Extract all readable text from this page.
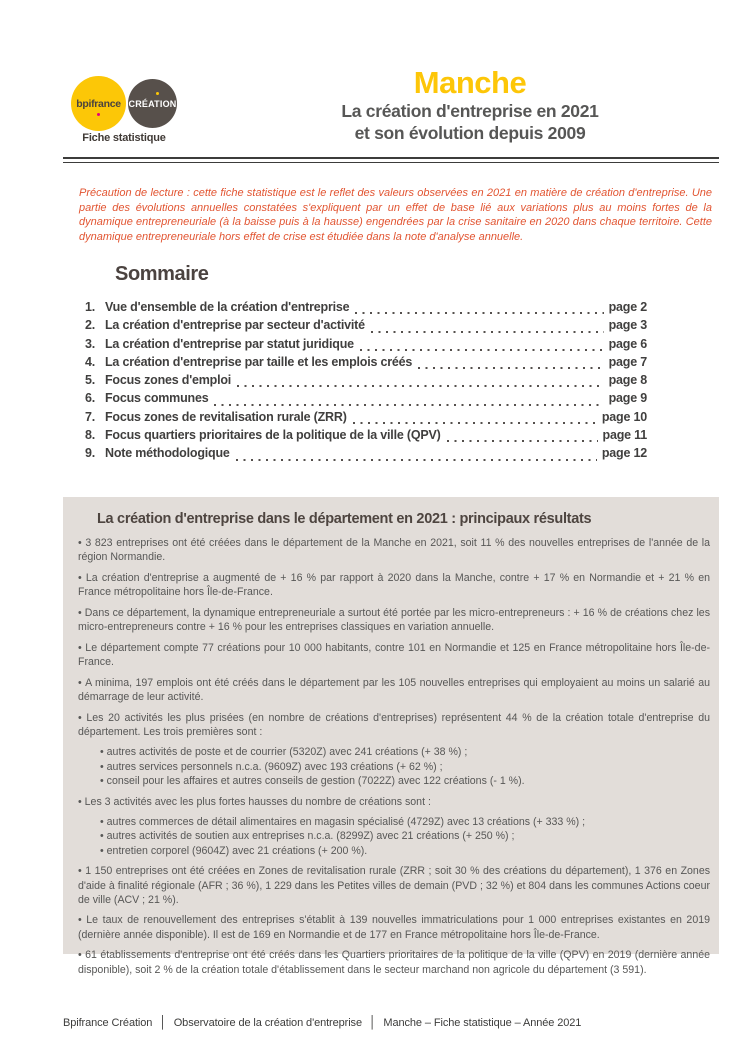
bpifrance CRÉATION
Fiche statistique
Manche
La création d'entreprise en 2021
et son évolution depuis 2009
Précaution de lecture : cette fiche statistique est le reflet des valeurs observées en 2021 en matière de création d'entreprise. Une partie des évolutions annuelles constatées s'expliquent par un effet de base lié aux variations plus au moins fortes de la dynamique entrepreneuriale (à la baisse puis à la hausse) engendrées par la crise sanitaire en 2020 dans chaque territoire. Cette dynamique entrepreneuriale hors effet de crise est étudiée dans la note d'analyse annuelle.
Sommaire
1. Vue d'ensemble de la création d'entreprise	page 2
2. La création d'entreprise par secteur d'activité	page 3
3. La création d'entreprise par statut juridique	page 6
4. La création d'entreprise par taille et les emplois créés	page 7
5. Focus zones d'emploi	page 8
6. Focus communes	page 9
7. Focus zones de revitalisation rurale (ZRR)	page 10
8. Focus quartiers prioritaires de la politique de la ville (QPV)	page 11
9. Note méthodologique	page 12
La création d'entreprise dans le département en 2021 : principaux résultats
• 3 823 entreprises ont été créées dans le département de la Manche en 2021, soit 11 % des nouvelles entreprises de l'année de la région Normandie.
• La création d'entreprise a augmenté de + 16 % par rapport à 2020 dans la Manche, contre + 17 % en Normandie et + 21 % en France métropolitaine hors Île-de-France.
• Dans ce département, la dynamique entrepreneuriale a surtout été portée par les micro-entrepreneurs : + 16 % de créations chez les micro-entrepreneurs contre + 16 % pour les entreprises classiques en variation annuelle.
• Le département compte 77 créations pour 10 000 habitants, contre 101 en Normandie et 125 en France métropolitaine hors Île-de-France.
• A minima, 197 emplois ont été créés dans le département par les 105 nouvelles entreprises qui employaient au moins un salarié au démarrage de leur activité.
• Les 20 activités les plus prisées (en nombre de créations d'entreprises) représentent 44 % de la création totale d'entreprise du département. Les trois premières sont :
• autres activités de poste et de courrier (5320Z) avec 241 créations (+ 38 %) ;
• autres services personnels n.c.a. (9609Z) avec 193 créations (+ 62 %) ;
• conseil pour les affaires et autres conseils de gestion (7022Z) avec 122 créations (- 1 %).
• Les 3 activités avec les plus fortes hausses du nombre de créations sont :
• autres commerces de détail alimentaires en magasin spécialisé (4729Z) avec 13 créations (+ 333 %) ;
• autres activités de soutien aux entreprises n.c.a. (8299Z) avec 21 créations (+ 250 %) ;
• entretien corporel (9604Z) avec 21 créations (+ 200 %).
• 1 150 entreprises ont été créées en Zones de revitalisation rurale (ZRR ; soit 30 % des créations du département), 1 376 en Zones d'aide à finalité régionale (AFR ; 36 %), 1 229 dans les Petites villes de demain (PVD ; 32 %) et 804 dans les communes Actions coeur de ville (ACV ; 21 %).
• Le taux de renouvellement des entreprises s'établit à 139 nouvelles immatriculations pour 1 000 entreprises existantes en 2019 (dernière année disponible). Il est de 169 en Normandie et de 177 en France métropolitaine hors Île-de-France.
• 61 établissements d'entreprise ont été créés dans les Quartiers prioritaires de la politique de la ville (QPV) en 2019 (dernière année disponible), soit 2 % de la création totale d'établissement dans le secteur marchand non agricole du département (3 591).
Bpifrance Création │ Observatoire de la création d'entreprise │ Manche – Fiche statistique – Année 2021
